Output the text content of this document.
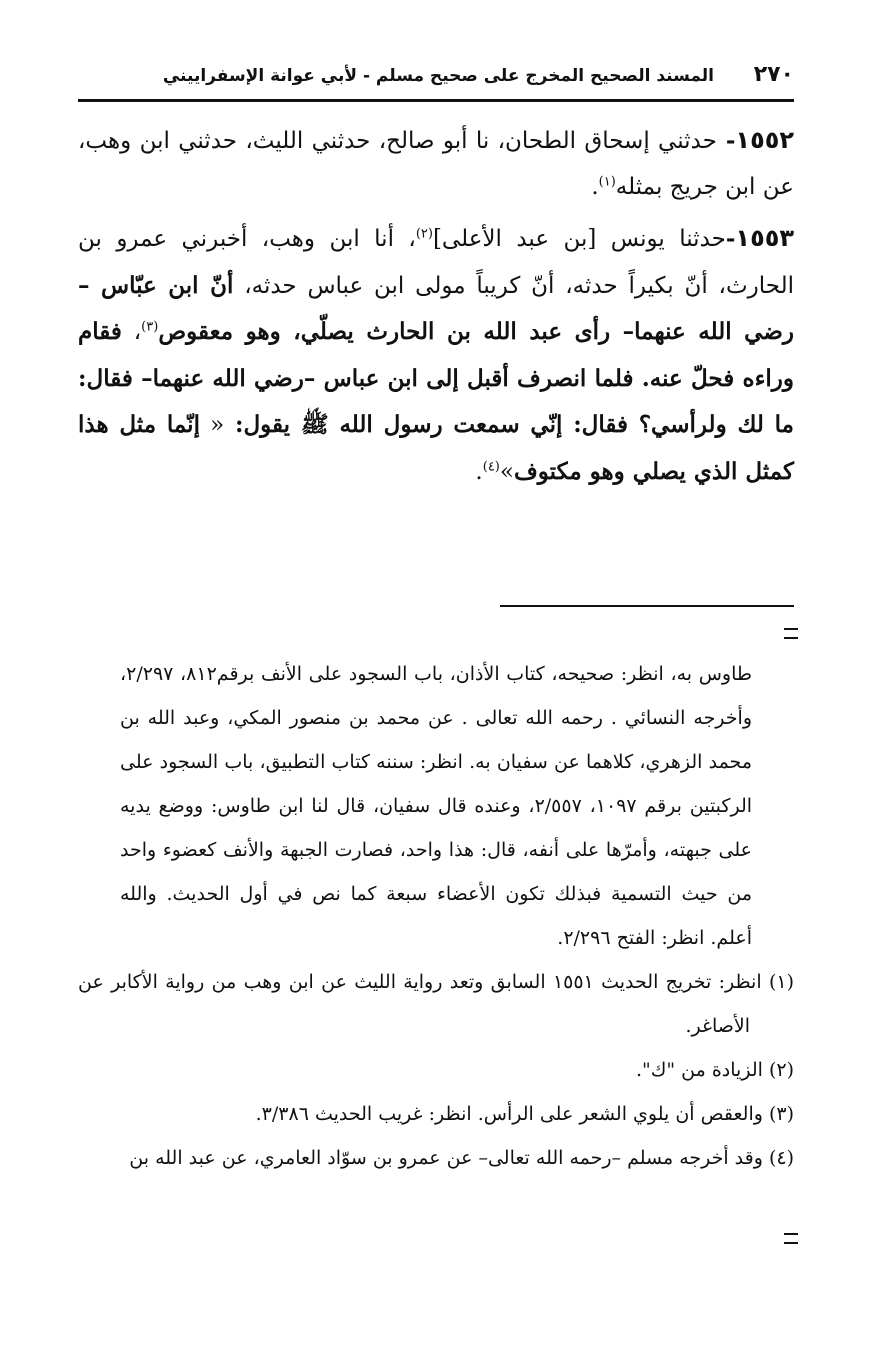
٢٧٠
المسند الصحيح المخرج على صحيح مسلم - لأبي عوانة الإسفراييني

١٥٥٢- حدثني إسحاق الطحان، نا أبو صالح، حدثني الليث، حدثني ابن وهب، عن ابن جريج بمثله$^{(١)}$.

١٥٥٣-حدثنا يونس [بن عبد الأعلى]$^{(٢)}$، أنا ابن وهب، أخبرني عمرو بن الحارث، أنّ بكيراً حدثه، أنّ كريباً مولى ابن عباس حدثه، أنّ ابن عبّاس –رضي الله عنهما– رأى عبد الله بن الحارث يصلّي، وهو معقوص$^{(٣)}$، فقام وراءه فحلّ عنه. فلما انصرف أقبل إلى ابن عباس –رضي الله عنهما– فقال: ما لك ولرأسي؟ فقال: إنّي سمعت رسول الله ﷺ يقول: « إنّما مثل هذا كمثل الذي يصلي وهو مكتوف»$^{(٤)}$.

طاوس به، انظر: صحيحه، كتاب الأذان، باب السجود على الأنف برقم٨١٢، ٢/٢٩٧، وأخرجه النسائي . رحمه الله تعالى . عن محمد بن منصور المكي، وعبد الله بن محمد الزهري، كلاهما عن سفيان به. انظر: سننه كتاب التطبيق، باب السجود على الركبتين برقم ١٠٩٧، ٢/٥٥٧، وعنده قال سفيان، قال لنا ابن طاوس: ووضع يديه على جبهته، وأمرّها على أنفه، قال: هذا واحد، فصارت الجبهة والأنف كعضوء واحد من حيث التسمية فبذلك تكون الأعضاء سبعة كما نص في أول الحديث. والله أعلم. انظر: الفتح ٢/٢٩٦.

(١) انظر: تخريج الحديث ١٥٥١ السابق وتعد رواية الليث عن ابن وهب من رواية الأكابر عن الأصاغر.

(٢) الزيادة من "ك".

(٣) والعقص أن يلوي الشعر على الرأس. انظر: غريب الحديث ٣/٣٨٦.

(٤) وقد أخرجه مسلم –رحمه الله تعالى– عن عمرو بن سوّاد العامري، عن عبد الله بن
